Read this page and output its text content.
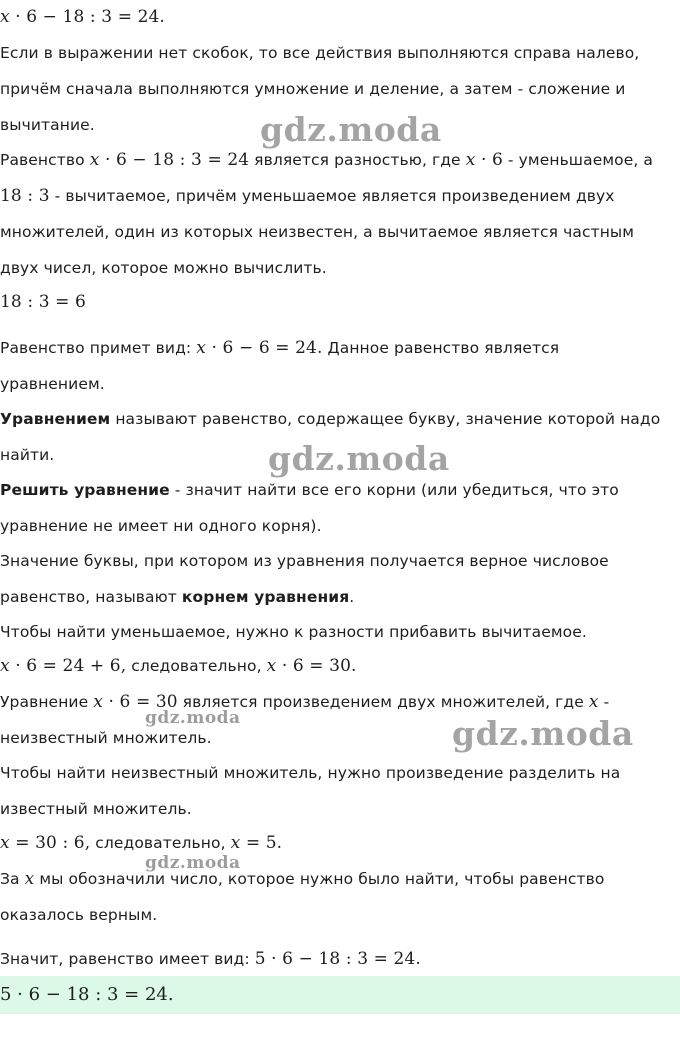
x · 6 − 18 : 3 = 24.
Если в выражении нет скобок, то все действия выполняются справа налево,
причём сначала выполняются умножение и деление, а затем - сложение и
вычитание.
Равенство x · 6 − 18 : 3 = 24 является разностью, где x · 6 - уменьшаемое, а
18 : 3 - вычитаемое, причём уменьшаемое является произведением двух
множителей, один из которых неизвестен, а вычитаемое является частным
двух чисел, которое можно вычислить.
18 : 3 = 6
Равенство примет вид: x · 6 − 6 = 24. Данное равенство является
уравнением.
Уравнением называют равенство, содержащее букву, значение которой надо
найти.
Решить уравнение - значит найти все его корни (или убедиться, что это
уравнение не имеет ни одного корня).
Значение буквы, при котором из уравнения получается верное числовое
равенство, называют корнем уравнения.
Чтобы найти уменьшаемое, нужно к разности прибавить вычитаемое.
x · 6 = 24 + 6, следовательно, x · 6 = 30.
Уравнение x · 6 = 30 является произведением двух множителей, где x -
неизвестный множитель.
Чтобы найти неизвестный множитель, нужно произведение разделить на
известный множитель.
x = 30 : 6, следовательно, x = 5.
За x мы обозначили число, которое нужно было найти, чтобы равенство
оказалось верным.
Значит, равенство имеет вид: 5 · 6 − 18 : 3 = 24.
5 · 6 − 18 : 3 = 24.
gdz.moda
gdz.moda
gdz.moda	gdz.moda
gdz.moda
